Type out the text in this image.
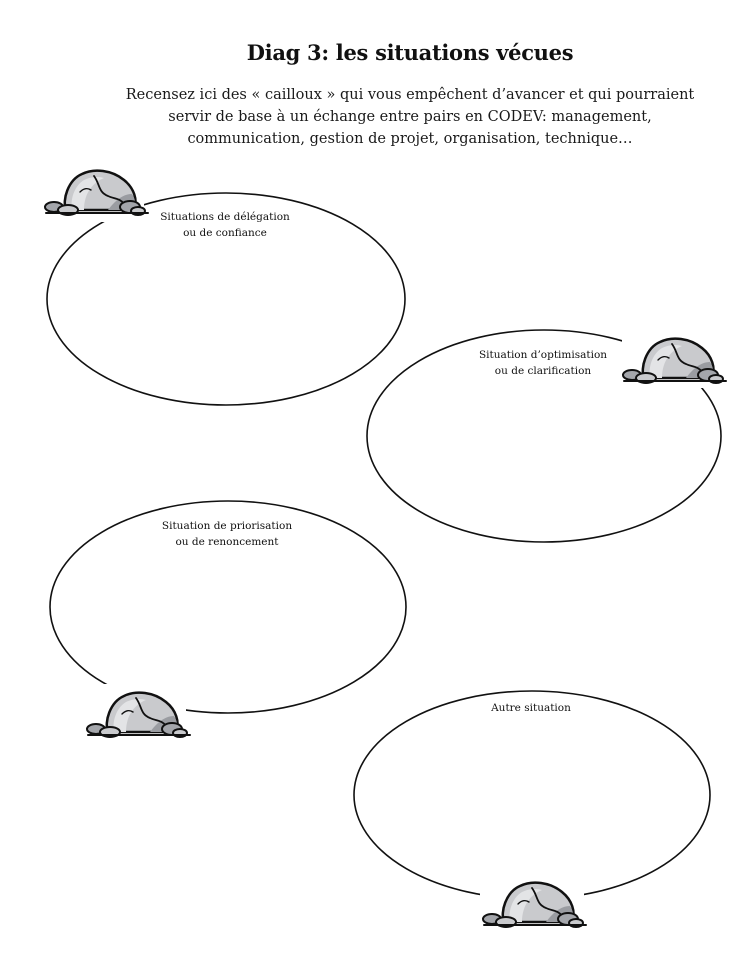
Diag 3: les situations vécues
Recensez ici des « cailloux » qui vous empêchent d’avancer et qui pourraient
servir de base à un échange entre pairs en CODEV: management,
communication, gestion de projet, organisation, technique…
Situations de délégation
ou de confiance
Situation d’optimisation
ou de clarification
Situation de priorisation
ou de renoncement
Autre situation
